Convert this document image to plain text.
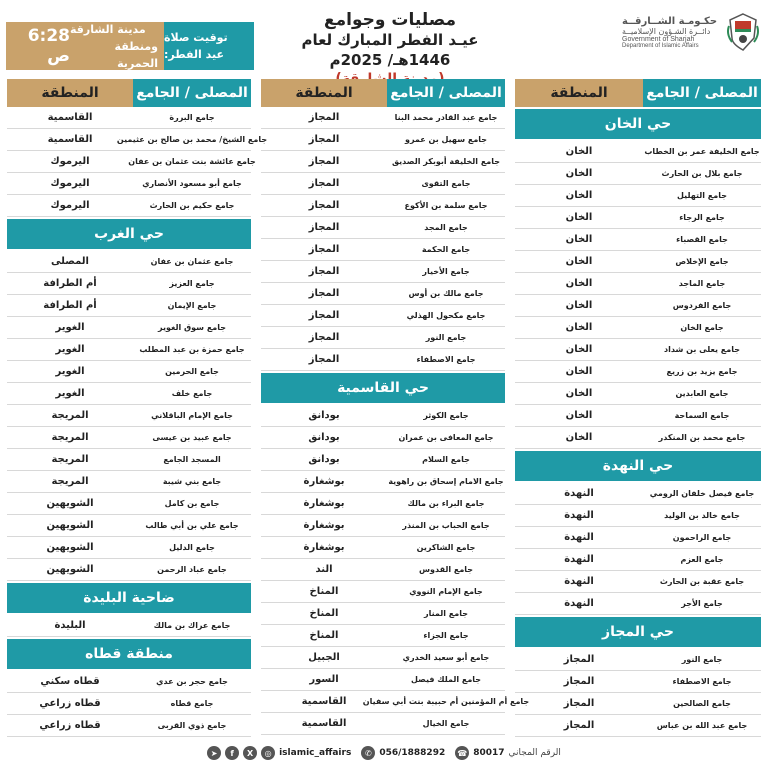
6:28 ص
مدينة الشارقة
ومنطقة الحمرية
توقيت صلاة
عيد الفطر:
مصليات وجوامع
عيـد الفطر المبارك لعام 1446هـ/ 2025م
حكـومـة الشــارقــة
دائــرة الشـؤون الإسلاميــة
Government of Sharjah
Department of Islamic Affairs
المصلى / الجامع
المنطقة
حي الخان
جامع الخليفة عمر بن الخطاب
الخان
جامع بلال بن الحارث
الخان
جامع التهليل
الخان
جامع الرجاء
الخان
جامع القصباء
الخان
جامع الإخلاص
الخان
جامع الماجد
الخان
جامع الفردوس
الخان
جامع الخان
الخان
جامع يعلى بن شداد
الخان
جامع يزيد بن زريع
الخان
جامع العابدين
الخان
جامع السماحة
الخان
جامع محمد بن المنكدر
الخان
حي النهدة
جامع فيصل خلفان الرومي
النهدة
جامع خالد بن الوليد
النهدة
جامع الراحمون
النهدة
جامع العزم
النهدة
جامع عقبة بن الحارث
النهدة
جامع الأجر
النهدة
حي المجاز
جامع النور
المجاز
جامع الاصطفاء
المجاز
جامع الصالحين
المجاز
جامع عبد الله بن عباس
المجاز
المصلى / الجامع
المنطقة
جامع عبد القادر محمد البنا
المجاز
جامع سهيل بن عمرو
المجاز
جامع الخليفة أبوبكر الصديق
المجاز
جامع التقوى
المجاز
جامع سلمة بن الأكوع
المجاز
جامع المجد
المجاز
جامع الحكمة
المجاز
جامع الأخيار
المجاز
جامع مالك بن أوس
المجاز
جامع مكحول الهذلي
المجاز
جامع النور
المجاز
جامع الاصطفاء
المجاز
حي القاسمية
جامع الكوثر
بودانق
جامع المعافى بن عمران
بودانق
جامع السلام
بودانق
جامع الامام إسحاق بن راهوية
بوشغارة
جامع البراء بن مالك
بوشغارة
جامع الحباب بن المنذر
بوشغارة
جامع الشاكرين
بوشغارة
جامع القدوس
الند
جامع الإمام النووي
المناخ
جامع المنار
المناخ
جامع الجزاء
المناخ
جامع أبو سعيد الخدري
الجبيل
جامع الملك فيصل
السور
جامع أم المؤمنين أم حبيبة بنت أبي سفيان
القاسمية
جامع الخيال
القاسمية
المصلى / الجامع
المنطقة
جامع البررة
القاسمية
جامع الشيخ/ محمد بن صالح بن عثيمين
القاسمية
جامع عائشة بنت عثمان بن عفان
اليرموك
جامع أبو مسعود الأنصاري
اليرموك
جامع حكيم بن الحارث
اليرموك
حي الغرب
جامع عثمان بن عفان
المصلى
جامع العزيز
أم الطرافة
جامع الإيمان
أم الطرافة
جامع سوق الغوير
الغوير
جامع حمزة بن عبد المطلب
الغوير
جامع الحرمين
الغوير
جامع خلف
الغوير
جامع الإمام الباقلاني
المريجة
جامع عبيد بن عيسى
المريجة
المسجد الجامع
المريجة
جامع بني شيبة
المريجة
جامع بن كامل
الشويهين
جامع علي بن أبي طالب
الشويهين
جامع الدليل
الشويهين
جامع عباد الرحمن
الشويهين
ضاحية البليدة
جامع عراك بن مالك
البليدة
منطقة قطاه
جامع حجر بن عدي
قطاه سكني
جامع قطاه
قطاه زراعي
جامع ذوي القربى
قطاه زراعي
الرقم المجاني
80017
☎
056/1888292
✆
islamic_affairs
◎
X
f
➤
